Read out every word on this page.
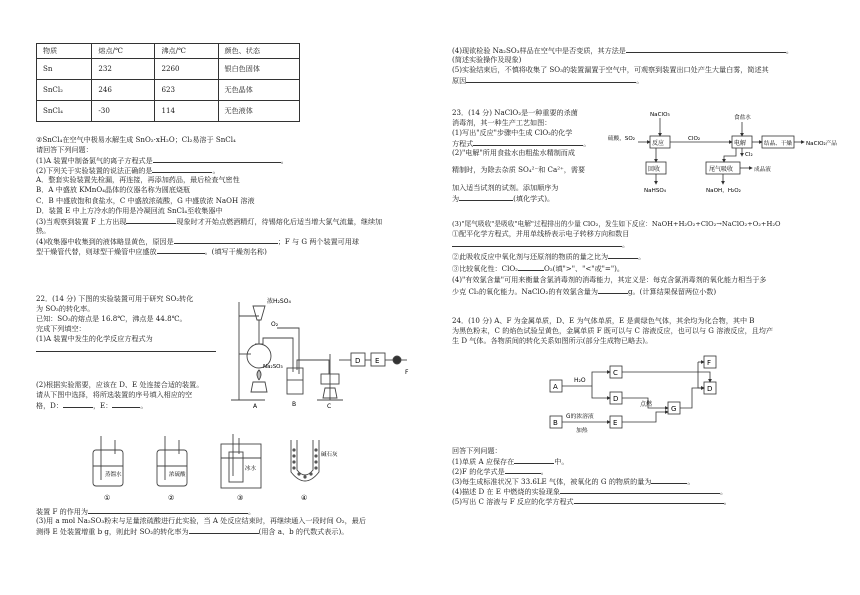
物质	熔点/℃	沸点/℃	颜色、状态
Sn	232	2260	银白色固体
SnCl₂	246	623	无色晶体
SnCl₄	-30	114	无色液体
②SnCl₄在空气中极易水解生成 SnO₂·xH₂O；Cl₂易溶于 SnCl₄
请回答下列问题：
(1)A 装置中制备氯气的离子方程式是	。
(2)下列关于实验装置的说法正确的是	。
A．整套实验装置先检漏，再连接，再添加药品，最后检查气密性
B．A 中盛放 KMnO₄晶体的仪器名称为圆底烧瓶
C．B 中盛放饱和食盐水，C 中盛放浓硫酸，G 中盛放浓 NaOH 溶液
D．装置 E 中上方冷水的作用是冷凝回流 SnCl₄至收集器中
(3)当观察到装置 F 上方出现	现象时才开始点燃酒精灯，待锡熔化后适当增大氯气流量，继续加
热。
(4)收集器中收集到的液体略显黄色，原因是	；F 与 G 两个装置可用球
型干燥管代替，则球型干燥管中应盛放	。(填写干燥剂名称)
22．(14 分) 下图的实验装置可用于研究 SO₂转化
为 SO₃的转化率。
已知：SO₃的熔点是 16.8℃，沸点是 44.8℃。
完成下列填空：
(1)A 装置中发生的化学反应方程式为
(2)根据实验需要，应该在 D、E 处连接合适的装置。
请从下图中选择，将所选装置的序号填入相应的空
格，D：	，E：	。
装置 F 的作用为	。
(3)用 a mol Na₂SO₃粉末与足量浓硫酸进行此实验，当 A 处反应结束时，再继续通入一段时间 O₂，最后
测得 E 处装置增重 b g，则此时 SO₂的转化率为	(用含 a、b 的代数式表示)。
浓H₂SO₄
O₂
Na₂SO₃
A	B	C
D E
F
蒸馏水	浓硫酸
冰水
碱石灰
①	②	③	④
(4)现欲检验 Na₂SO₃样品在空气中是否变质，其方法是	。
(简述实验操作及现象)
(5)实验结束后，不慎将收集了 SO₃的装置漏置于空气中，可观察到装置出口处产生大量白雾，简述其
原因	。
23．(14 分) NaClO₂是一种重要的杀菌
消毒剂，其一种生产工艺如图：
(1)写出"反应"步骤中生成 ClO₂的化学
方程式	。
(2)"电解"所用食盐水由粗盐水精制而成
精制时，为除去杂质 SO₄²⁻和 Ca²⁺，需要
加入适当试剂的试剂。添加顺序为
为	(填化学式)。
(3)"尾气吸收"是吸收"电解"过程排出的少量 ClO₂，发生如下反应：NaOH+H₂O₂+ClO₂→NaClO₂+O₂+H₂O
①配平化学方程式，并用单线桥表示电子转移方向和数目
。
②此吸收反应中氧化剂与还原剂的物质的量之比为	。
③比较氧化性：ClO₂	O₂(填">"、"<"或"=")。
(4)"有效氯含量"可用来衡量含氯消毒剂的消毒能力，其定义是：每克含氯消毒剂的氧化能力相当于多
少克 Cl₂的氧化能力。NaClO₂的有效氯含量为	g。(计算结果保留两位小数)
24．(10 分) A、F 为金属单质，D、E 为气体单质，E 是黄绿色气体，其余均为化合物，其中 B
为黑色粉末，C 的焰色试验呈黄色，金属单质 F 既可以与 C 溶液反应，也可以与 G 溶液反应，且均产
生 D 气体。各物质间的转化关系如图所示(部分生成物已略去)。
回答下列问题：
(1)单质 A 应保存在	中。
(2)F 的化学式是	。
(3)每生成标准状况下 33.6LE 气体，被氧化的 G 的物质的量为	。
(4)描述 D 在 E 中燃烧的实验现象	。
(5)写出 C 溶液与 F 反应的化学方程式	。
NaClO₃
硫酸，SO₂
反应
ClO₂
食盐水
电解	结晶、干燥	NaClO₂产品
回收
NaHSO₄
Cl₂
尾气吸收
NaOH，H₂O₂
成品液
A
C
D
G
D
F
B	E
H₂O
点燃
G的浓溶液
加热
